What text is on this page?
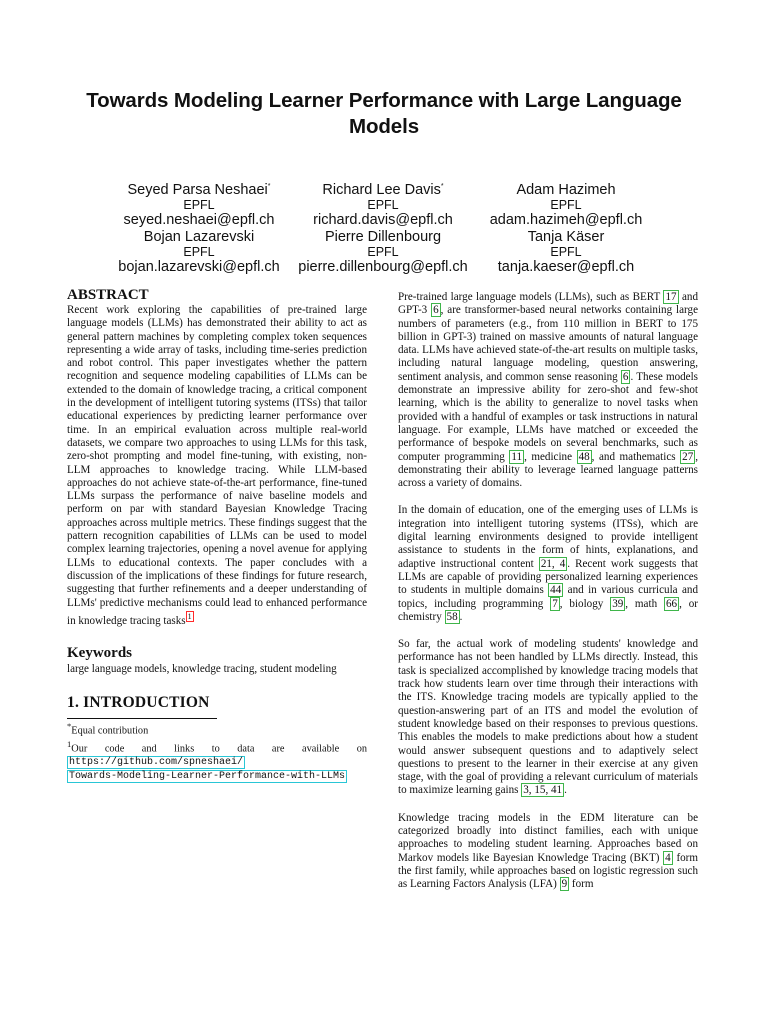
Towards Modeling Learner Performance with Large Language Models
Seyed Parsa Neshaei*
EPFL
seyed.neshaei@epfl.ch
Richard Lee Davis*
EPFL
richard.davis@epfl.ch
Adam Hazimeh
EPFL
adam.hazimeh@epfl.ch
Bojan Lazarevski
EPFL
bojan.lazarevski@epfl.ch
Pierre Dillenbourg
EPFL
pierre.dillenbourg@epfl.ch
Tanja Käser
EPFL
tanja.kaeser@epfl.ch
ABSTRACT

Recent work exploring the capabilities of pre-trained large language models (LLMs) has demonstrated their ability to act as general pattern machines by completing complex token sequences representing a wide array of tasks, including time-series prediction and robot control. This paper investigates whether the pattern recognition and sequence modeling capabilities of LLMs can be extended to the domain of knowledge tracing, a critical component in the development of intelligent tutoring systems (ITSs) that tailor educational experiences by predicting learner performance over time. In an empirical evaluation across multiple real-world datasets, we compare two approaches to using LLMs for this task, zero-shot prompting and model fine-tuning, with existing, non-LLM approaches to knowledge tracing. While LLM-based approaches do not achieve state-of-the-art performance, fine-tuned LLMs surpass the performance of naive baseline models and perform on par with standard Bayesian Knowledge Tracing approaches across multiple metrics. These findings suggest that the pattern recognition capabilities of LLMs can be used to model complex learning trajectories, opening a novel avenue for applying LLMs to educational contexts. The paper concludes with a discussion of the implications of these findings for future research, suggesting that further refinements and a deeper understanding of LLMs' predictive mechanisms could lead to enhanced performance in knowledge tracing tasks $^1$

Keywords

large language models, knowledge tracing, student modeling

1. INTRODUCTION
*Equal contribution
$^1$Our code and links to data are available on https://github.com/spneshaei/
Towards-Modeling-Learner-Performance-with-LLMs

Pre-trained large language models (LLMs), such as BERT 17 and GPT-3 6 , are transformer-based neural networks containing large numbers of parameters (e.g., from 110 million in BERT to 175 billion in GPT-3) trained on massive amounts of natural language data. LLMs have achieved state-of-the-art results on multiple tasks, including natural language modeling, question answering, sentiment analysis, and common sense reasoning 6 . These models demonstrate an impressive ability for zero-shot and few-shot learning, which is the ability to generalize to novel tasks when provided with a handful of examples or task instructions in natural language. For example, LLMs have matched or exceeded the performance of bespoke models on several benchmarks, such as computer programming 11 , medicine 48 , and mathematics 27 , demonstrating their ability to leverage learned language patterns across a variety of domains.

In the domain of education, one of the emerging uses of LLMs is integration into intelligent tutoring systems (ITSs), which are digital learning environments designed to provide intelligent assistance to students in the form of hints, explanations, and adaptive instructional content 21, 4 . Recent work suggests that LLMs are capable of providing personalized learning experiences to students in multiple domains 44 and in various curricula and topics, including programming 7 , biology 39 , math 66 , or chemistry 58 .

So far, the actual work of modeling students' knowledge and performance has not been handled by LLMs directly. Instead, this task is specialized accomplished by knowledge tracing models that track how students learn over time through their interactions with the ITS. Knowledge tracing models are typically applied to the question-answering part of an ITS and model the evolution of student knowledge based on their responses to previous questions. This enables the models to make predictions about how a student would answer subsequent questions and to adaptively select questions to present to the learner in their exercise at any given stage, with the goal of providing a relevant curriculum of materials to maximize learning gains 3, 15, 41 .

Knowledge tracing models in the EDM literature can be categorized broadly into distinct families, each with unique approaches to modeling student learning. Approaches based on Markov models like Bayesian Knowledge Tracing (BKT) 4 form the first family, while approaches based on logistic regression such as Learning Factors Analysis (LFA) 9 form
